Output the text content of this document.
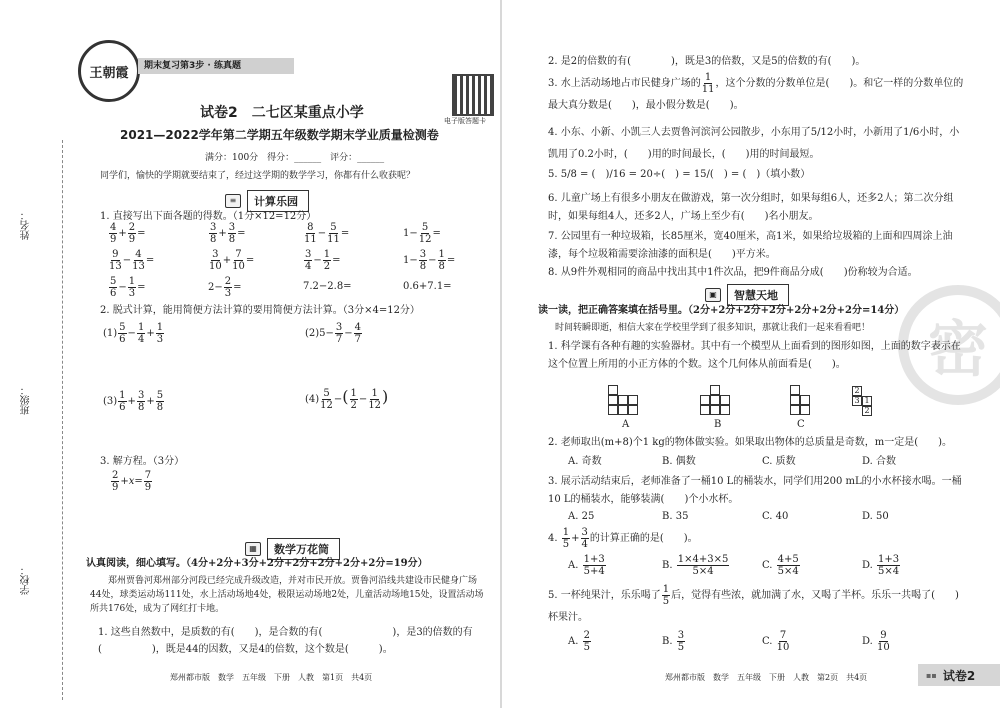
姓名：
班级：
学校：
王朝霞	期末复习第3步 · 练真题
电子版答题卡
试卷2　二七区某重点小学
2021—2022学年第二学期五年级数学期末学业质量检测卷
满分：100分　得分：______　评分：______
同学们，愉快的学期就要结束了，经过这学期的数学学习，你都有什么收获呢？
≡	计算乐园
1. 直接写出下面各题的得数。（1分×12=12分）
$\frac{4}{9} + \frac{2}{9}$ =	$\frac{3}{8} + \frac{3}{8}$ =	$\frac{8}{11} - \frac{5}{11}$ =	$1- \frac{5}{12}$ =
$\frac{9}{13} - \frac{4}{13}$ =	$\frac{3}{10} + \frac{7}{10}$ =	$\frac{3}{4} - \frac{1}{2}$ =	$1- \frac{3}{8} - \frac{1}{8}$ =
$\frac{5}{6} - \frac{1}{3}$ =	$2- \frac{2}{3}$ =	7.2−2.8=	0.6+7.1=
2. 脱式计算，能用简便方法计算的要用简便方法计算。（3分×4=12分）
$(1) \frac{5}{6} - \frac{1}{4} + \frac{1}{3}$	$(2)5- \frac{3}{7} - \frac{4}{7}$
$(3) \frac{1}{6} + \frac{3}{8} + \frac{5}{8}$	$(4) \frac{5}{12}$ −( $\frac{1}{2} - \frac{1}{12}$ )
3. 解方程。（3分）
$\frac{2}{9} +x= \frac{7}{9}$
▦	数学万花筒
认真阅读，细心填写。（4分+2分+3分+2分+2分+2分+2分+2分=19分）
郑州贾鲁河郑州部分河段已经完成升级改造，并对市民开放。贾鲁河沿线共建设市民健身广场44处，球类运动场111处，水上活动场地4处，极限运动场地2处，儿童活动场地15处，设置活动场所共176处，成为了网红打卡地。
1. 这些自然数中，是质数的有(　　)，是合数的有(　　　　　　　)，是3的倍数的有(　　　　　)，既是44的因数，又是4的倍数，这个数是(　　　)。
郑州都市版　数学　五年级　下册　人教　第1页　共4页
密
2. 是2的倍数的有(　　　　)，既是3的倍数，又是5的倍数的有(　　)。
3. 水上活动场地占市民健身广场的 $\frac{1}{11}$ ，这个分数的分数单位是(　　)。和它一样的分数单位的最大真分数是(　　)，最小假分数是(　　)。
4. 小东、小新、小凯三人去贾鲁河滨河公园散步，小东用了5/12小时，小新用了1/6小时，小凯用了0.2小时，(　　)用的时间最长，(　　)用的时间最短。
5. 5/8 = (　)/16 = 20÷(　) = 15/(　) = (　)（填小数）
6. 儿童广场上有很多小朋友在做游戏，第一次分组时，如果每组6人，还多2人；第二次分组时，如果每组4人，还多2人，广场上至少有(　　)名小朋友。
7. 公园里有一种垃圾箱，长85厘米，宽40厘米，高1米，如果给垃圾箱的上面和四周涂上油漆，每个垃圾箱需要涂油漆的面积是(　　)平方米。
8. 从9件外观相同的商品中找出其中1件次品，把9件商品分成(　　)份称较为合适。
▣	智慧天地
读一读，把正确答案填在括号里。（2分+2分+2分+2分+2分+2分+2分=14分）
时间转瞬即逝，相信大家在学校里学到了很多知识，那就让我们一起来看看吧！
1. 科学课有各种有趣的实验器材。其中有一个模型从上面看到的图形如图，上面的数字表示在这个位置上所用的小正方体的个数。这个几何体从前面看是(　　)。
A	B	C
2
3 1
2
2. 老师取出(m+8)个1 kg的物体做实验。如果取出物体的总质量是奇数，m一定是(　　)。
A. 奇数	B. 偶数	C. 质数	D. 合数
3. 展示活动结束后，老师准备了一桶10 L的桶装水，同学们用200 mL的小水杯接水喝。一桶10 L的桶装水，能够装满(　　)个小水杯。
A. 25	B. 35	C. 40	D. 50
4. $\frac{1}{5} + \frac{3}{4}$ 的计算正确的是(　　)。
A. $\frac{1+3}{5+4}$	B. $\frac{1\times 4+3\times 5}{5\times 4}$	C. $\frac{4+5}{5\times 4}$	D. $\frac{1+3}{5\times 4}$
5. 一杯纯果汁，乐乐喝了 $\frac{1}{5}$ 后，觉得有些浓，就加满了水，又喝了半杯。乐乐一共喝了(　　)杯果汁。
A. $\frac{2}{5}$	B. $\frac{3}{5}$	C. $\frac{7}{10}$	D. $\frac{9}{10}$
郑州都市版　数学　五年级　下册　人教　第2页　共4页	▪▪ 试卷2
